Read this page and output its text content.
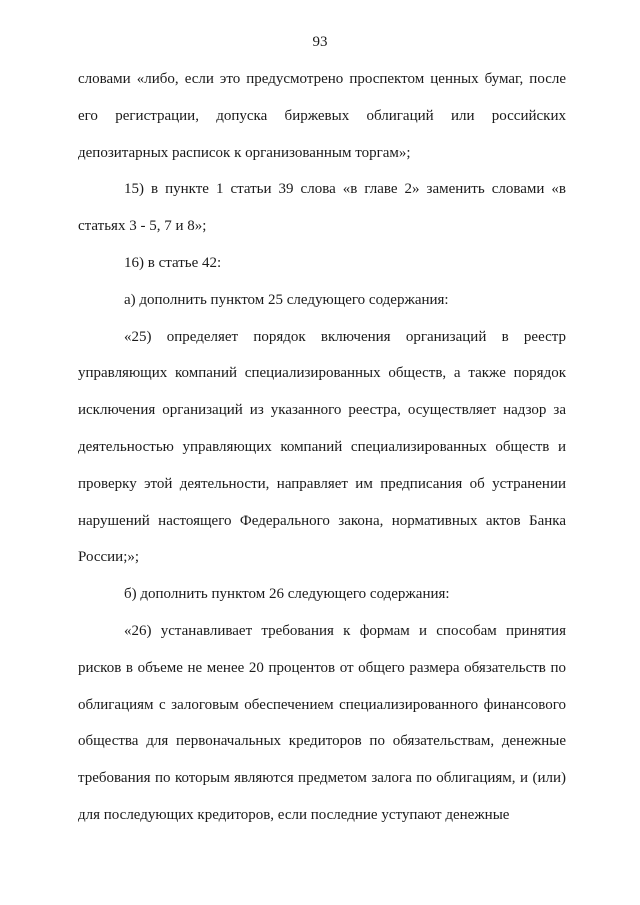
93

словами «либо, если это предусмотрено проспектом ценных бумаг, после его регистрации, допуска биржевых облигаций или российских депозитарных расписок к организованным торгам»;

15) в пункте 1 статьи 39 слова «в главе 2» заменить словами «в статьях 3 - 5, 7 и 8»;

16) в статье 42:

а) дополнить пунктом 25 следующего содержания:

«25) определяет порядок включения организаций в реестр управляющих компаний специализированных обществ, а также порядок исключения организаций из указанного реестра, осуществляет надзор за деятельностью управляющих компаний специализированных обществ и проверку этой деятельности, направляет им предписания об устранении нарушений настоящего Федерального закона, нормативных актов Банка России;»;

б) дополнить пунктом 26 следующего содержания:

«26) устанавливает требования к формам и способам принятия рисков в объеме не менее 20 процентов от общего размера обязательств по облигациям с залоговым обеспечением специализированного финансового общества для первоначальных кредиторов по обязательствам, денежные требования по которым являются предметом залога по облигациям, и (или) для последующих кредиторов, если последние уступают денежные
